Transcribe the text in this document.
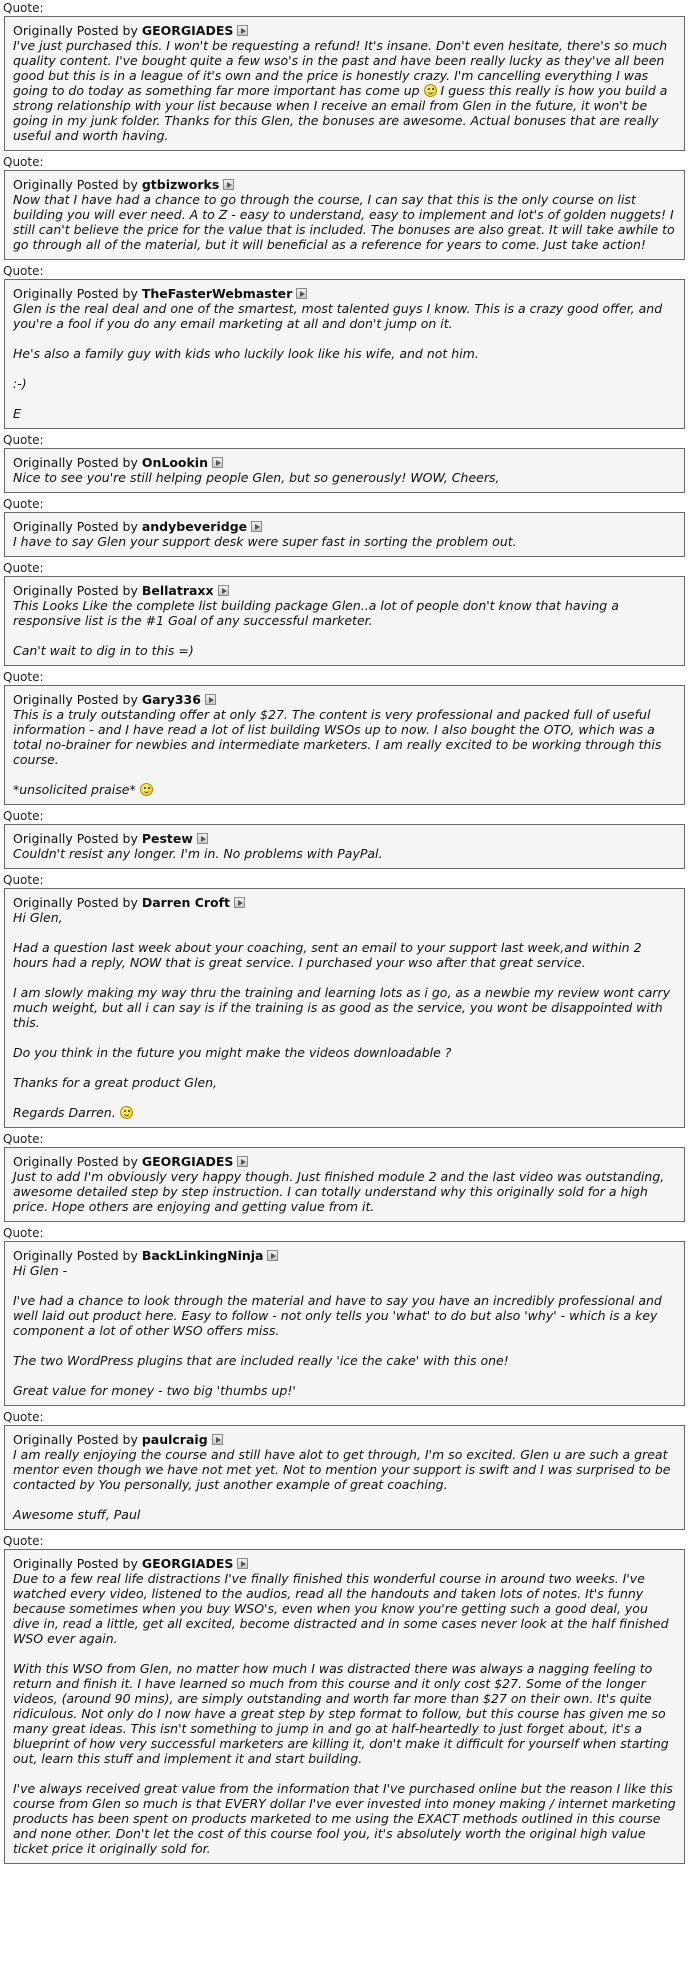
Quote:
Originally Posted by GEORGIADES

I've just purchased this. I won't be requesting a refund! It's insane. Don't even hesitate, there's so much quality content. I've bought quite a few wso's in the past and have been really lucky as they've all been good but this is in a league of it's own and the price is honestly crazy. I'm cancelling everything I was going to do today as something far more important has come up  I guess this really is how you build a strong relationship with your list because when I receive an email from Glen in the future, it won't be going in my junk folder. Thanks for this Glen, the bonuses are awesome. Actual bonuses that are really useful and worth having.

Quote:
Originally Posted by gtbizworks

Now that I have had a chance to go through the course, I can say that this is the only course on list building you will ever need. A to Z - easy to understand, easy to implement and lot's of golden nuggets! I still can't believe the price for the value that is included. The bonuses are also great. It will take awhile to go through all of the material, but it will beneficial as a reference for years to come. Just take action!

Quote:
Originally Posted by TheFasterWebmaster

Glen is the real deal and one of the smartest, most talented guys I know. This is a crazy good offer, and you're a fool if you do any email marketing at all and don't jump on it.

He's also a family guy with kids who luckily look like his wife, and not him.

:-)

E

Quote:
Originally Posted by OnLookin

Nice to see you're still helping people Glen, but so generously! WOW, Cheers,

Quote:
Originally Posted by andybeveridge

I have to say Glen your support desk were super fast in sorting the problem out.

Quote:
Originally Posted by Bellatraxx

This Looks Like the complete list building package Glen..a lot of people don't know that having a responsive list is the #1 Goal of any successful marketer.

Can't wait to dig in to this =)

Quote:
Originally Posted by Gary336

This is a truly outstanding offer at only $27. The content is very professional and packed full of useful information - and I have read a lot of list building WSOs up to now. I also bought the OTO, which was a total no-brainer for newbies and intermediate marketers. I am really excited to be working through this course.

*unsolicited praise*

Quote:
Originally Posted by Pestew

Couldn't resist any longer. I'm in. No problems with PayPal.

Quote:
Originally Posted by Darren Croft

Hi Glen,

Had a question last week about your coaching, sent an email to your support last week,and within 2 hours had a reply, NOW that is great service. I purchased your wso after that great service.

I am slowly making my way thru the training and learning lots as i go, as a newbie my review wont carry much weight, but all i can say is if the training is as good as the service, you wont be disappointed with this.

Do you think in the future you might make the videos downloadable ?

Thanks for a great product Glen,

Regards Darren.

Quote:
Originally Posted by GEORGIADES

Just to add I'm obviously very happy though. Just finished module 2 and the last video was outstanding, awesome detailed step by step instruction. I can totally understand why this originally sold for a high price. Hope others are enjoying and getting value from it.

Quote:
Originally Posted by BackLinkingNinja

Hi Glen -

I've had a chance to look through the material and have to say you have an incredibly professional and well laid out product here. Easy to follow - not only tells you 'what' to do but also 'why' - which is a key component a lot of other WSO offers miss.

The two WordPress plugins that are included really 'ice the cake' with this one!

Great value for money - two big 'thumbs up!'

Quote:
Originally Posted by paulcraig

I am really enjoying the course and still have alot to get through, I'm so excited. Glen u are such a great mentor even though we have not met yet. Not to mention your support is swift and I was surprised to be contacted by You personally, just another example of great coaching.

Awesome stuff, Paul

Quote:
Originally Posted by GEORGIADES

Due to a few real life distractions I've finally finished this wonderful course in around two weeks. I've watched every video, listened to the audios, read all the handouts and taken lots of notes. It's funny because sometimes when you buy WSO's, even when you know you're getting such a good deal, you dive in, read a little, get all excited, become distracted and in some cases never look at the half finished WSO ever again.

With this WSO from Glen, no matter how much I was distracted there was always a nagging feeling to return and finish it. I have learned so much from this course and it only cost $27. Some of the longer videos, (around 90 mins), are simply outstanding and worth far more than $27 on their own. It's quite ridiculous. Not only do I now have a great step by step format to follow, but this course has given me so many great ideas. This isn't something to jump in and go at half-heartedly to just forget about, it's a blueprint of how very successful marketers are killing it, don't make it difficult for yourself when starting out, learn this stuff and implement it and start building.

I've always received great value from the information that I've purchased online but the reason I like this course from Glen so much is that EVERY dollar I've ever invested into money making / internet marketing products has been spent on products marketed to me using the EXACT methods outlined in this course and none other. Don't let the cost of this course fool you, it's absolutely worth the original high value ticket price it originally sold for.
